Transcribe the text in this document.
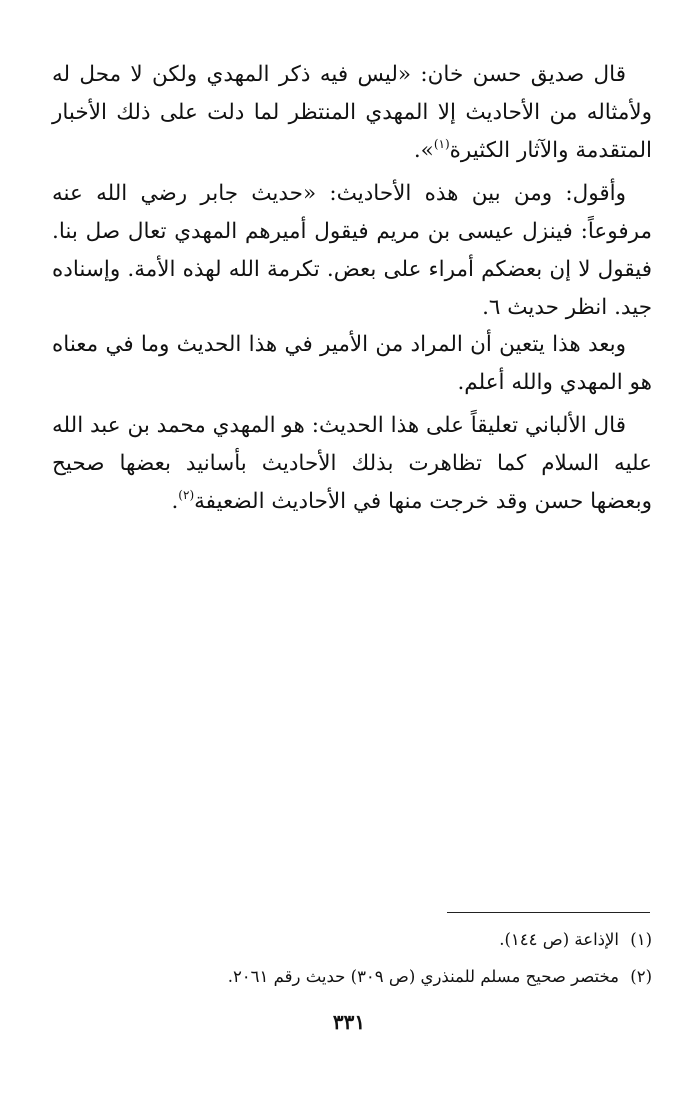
قال صديق حسن خان: «ليس فيه ذكر المهدي ولكن لا محل له ولأمثاله من الأحاديث إلا المهدي المنتظر لما دلت على ذلك الأخبار المتقدمة والآثار الكثيرة$^{(١)}$».

وأقول: ومن بين هذه الأحاديث: «حديث جابر رضي الله عنه مرفوعاً: فينزل عيسى بن مريم فيقول أميرهم المهدي تعال صل بنا. فيقول لا إن بعضكم أمراء على بعض. تكرمة الله لهذه الأمة. وإسناده جيد. انظر حديث ٦.

وبعد هذا يتعين أن المراد من الأمير في هذا الحديث وما في معناه هو المهدي والله أعلم.

قال الألباني تعليقاً على هذا الحديث: هو المهدي محمد بن عبد الله عليه السلام كما تظاهرت بذلك الأحاديث بأسانيد بعضها صحيح وبعضها حسن وقد خرجت منها في الأحاديث الضعيفة$^{(٢)}$.

(١) الإذاعة (ص ١٤٤).
(٢) مختصر صحيح مسلم للمنذري (ص ٣٠٩) حديث رقم ٢٠٦١.
٣٣١
